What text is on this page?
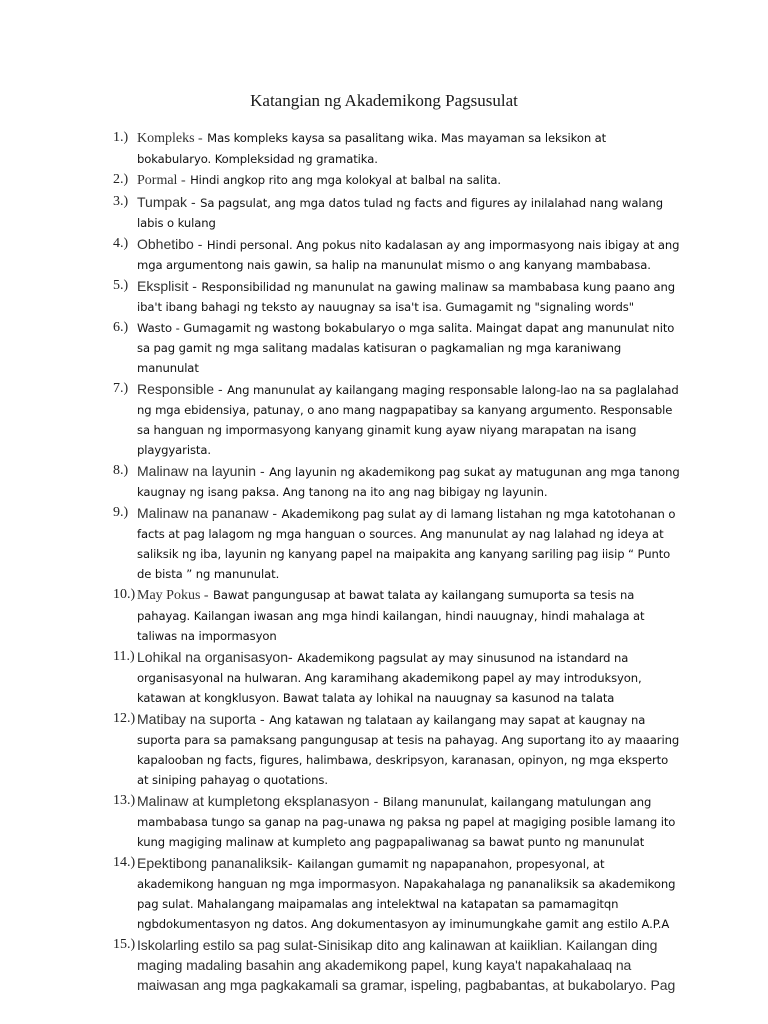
Katangian ng Akademikong Pagsusulat
1.) Kompleks - Mas kompleks kaysa sa pasalitang wika. Mas mayaman sa leksikon at bokabularyo. Kompleksidad ng gramatika.
2.) Pormal - Hindi angkop rito ang mga kolokyal at balbal na salita.
3.) Tumpak - Sa pagsulat, ang mga datos tulad ng facts and figures ay inilalahad nang walang labis o kulang
4.) Obhetibo - Hindi personal. Ang pokus nito kadalasan ay ang impormasyong nais ibigay at ang mga argumentong nais gawin, sa halip na manunulat mismo o ang kanyang mambabasa.
5.) Eksplisit - Responsibilidad ng manunulat na gawing malinaw sa mambabasa kung paano ang iba't ibang bahagi ng teksto ay nauugnay sa isa't isa. Gumagamit ng "signaling words"
6.) Wasto - Gumagamit ng wastong bokabularyo o mga salita. Maingat dapat ang manunulat nito sa pag gamit ng mga salitang madalas katisuran o pagkamalian ng mga karaniwang manunulat
7.) Responsible - Ang manunulat ay kailangang maging responsable lalong-lao na sa paglalahad ng mga ebidensiya, patunay, o ano mang nagpapatibay sa kanyang argumento. Responsable sa hanguan ng impormasyong kanyang ginamit kung ayaw niyang marapatan na isang playgyarista.
8.) Malinaw na layunin - Ang layunin ng akademikong pag sukat ay matugunan ang mga tanong kaugnay ng isang paksa. Ang tanong na ito ang nag bibigay ng layunin.
9.) Malinaw na pananaw - Akademikong pag sulat ay di lamang listahan ng mga katotohanan o facts at pag lalagom ng mga hanguan o sources. Ang manunulat ay nag lalahad ng ideya at saliksik ng iba, layunin ng kanyang papel na maipakita ang kanyang sariling pag iisip “ Punto de bista ” ng manunulat.
10.) May Pokus - Bawat pangungusap at bawat talata ay kailangang sumuporta sa tesis na pahayag. Kailangan iwasan ang mga hindi kailangan, hindi nauugnay, hindi mahalaga at taliwas na impormasyon
11.) Lohikal na organisasyon- Akademikong pagsulat ay may sinusunod na istandard na organisasyonal na hulwaran. Ang karamihang akademikong papel ay may introduksyon, katawan at kongklusyon. Bawat talata ay lohikal na nauugnay sa kasunod na talata
12.) Matibay na suporta - Ang katawan ng talataan ay kailangang may sapat at kaugnay na suporta para sa pamaksang pangungusap at tesis na pahayag. Ang suportang ito ay maaaring kapalooban ng facts, figures, halimbawa, deskripsyon, karanasan, opinyon, ng mga eksperto at siniping pahayag o quotations.
13.) Malinaw at kumpletong eksplanasyon - Bilang manunulat, kailangang matulungan ang mambabasa tungo sa ganap na pag-unawa ng paksa ng papel at magiging posible lamang ito kung magiging malinaw at kumpleto ang pagpapaliwanag sa bawat punto ng manunulat
14.) Epektibong pananaliksik- Kailangan gumamit ng napapanahon, propesyonal, at akademikong hanguan ng mga impormasyon. Napakahalaga ng pananaliksik sa akademikong pag sulat. Mahalangang maipamalas ang intelektwal na katapatan sa pamamagitqn ngbdokumentasyon ng datos. Ang dokumentasyon ay iminumungkahe gamit ang estilo A.P.A
15.) Iskolarling estilo sa pag sulat-Sinisikap dito ang kalinawan at kaiiklian. Kailangan ding maging madaling basahin ang akademikong papel, kung kaya't napakahalaaq na maiwasan ang mga pagkakamali sa gramar, ispeling, pagbabantas, at bukabolaryo. Pag
